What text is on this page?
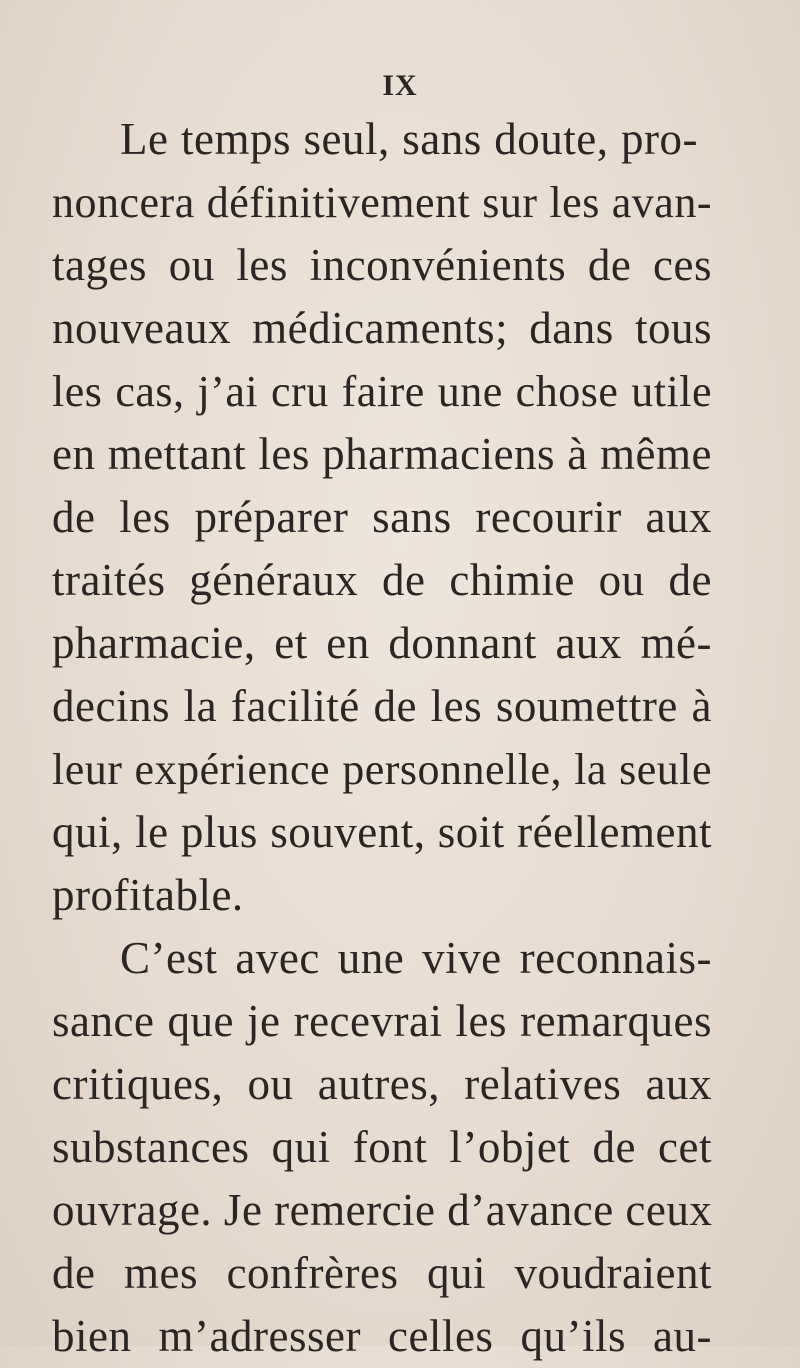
IX
Le temps seul, sans doute, pro-
noncera définitivement sur les avan-
tages ou les inconvénients de ces
nouveaux médicaments; dans tous
les cas, j’ai cru faire une chose utile
en mettant les pharmaciens à même
de les préparer sans recourir aux
traités généraux de chimie ou de
pharmacie, et en donnant aux mé-
decins la facilité de les soumettre à
leur expérience personnelle, la seule
qui, le plus souvent, soit réellement
profitable.
C’est avec une vive reconnais-
sance que je recevrai les remarques
critiques, ou autres, relatives aux
substances qui font l’objet de cet
ouvrage. Je remercie d’avance ceux
de mes confrères qui voudraient
bien m’adresser celles qu’ils au-
